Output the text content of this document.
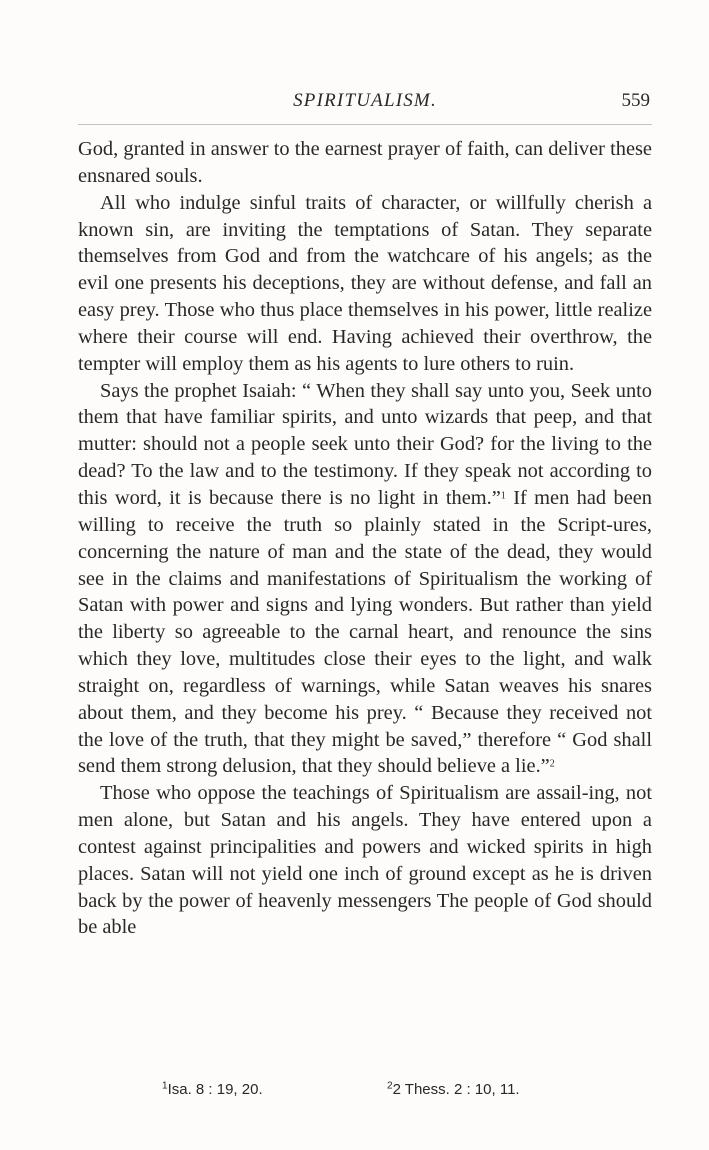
SPIRITUALISM.	559

God, granted in answer to the earnest prayer of faith, can deliver these ensnared souls.

All who indulge sinful traits of character, or willfully cherish a known sin, are inviting the temptations of Satan. They separate themselves from God and from the watchcare of his angels; as the evil one presents his deceptions, they are without defense, and fall an easy prey. Those who thus place themselves in his power, little realize where their course will end. Having achieved their overthrow, the tempter will employ them as his agents to lure others to ruin.

Says the prophet Isaiah: “ When they shall say unto you, Seek unto them that have familiar spirits, and unto wizards that peep, and that mutter: should not a people seek unto their God? for the living to the dead? To the law and to the testimony. If they speak not according to this word, it is because there is no light in them.”$^1$ If men had been willing to receive the truth so plainly stated in the Script-ures, concerning the nature of man and the state of the dead, they would see in the claims and manifestations of Spiritualism the working of Satan with power and signs and lying wonders. But rather than yield the liberty so agreeable to the carnal heart, and renounce the sins which they love, multitudes close their eyes to the light, and walk straight on, regardless of warnings, while Satan weaves his snares about them, and they become his prey. “ Because they received not the love of the truth, that they might be saved,” therefore “ God shall send them strong delusion, that they should believe a lie.”$^2$

Those who oppose the teachings of Spiritualism are assail-ing, not men alone, but Satan and his angels. They have entered upon a contest against principalities and powers and wicked spirits in high places. Satan will not yield one inch of ground except as he is driven back by the power of heavenly messengers The people of God should be able

$^1$Isa. 8 : 19, 20.	$^2$2 Thess. 2 : 10, 11.
